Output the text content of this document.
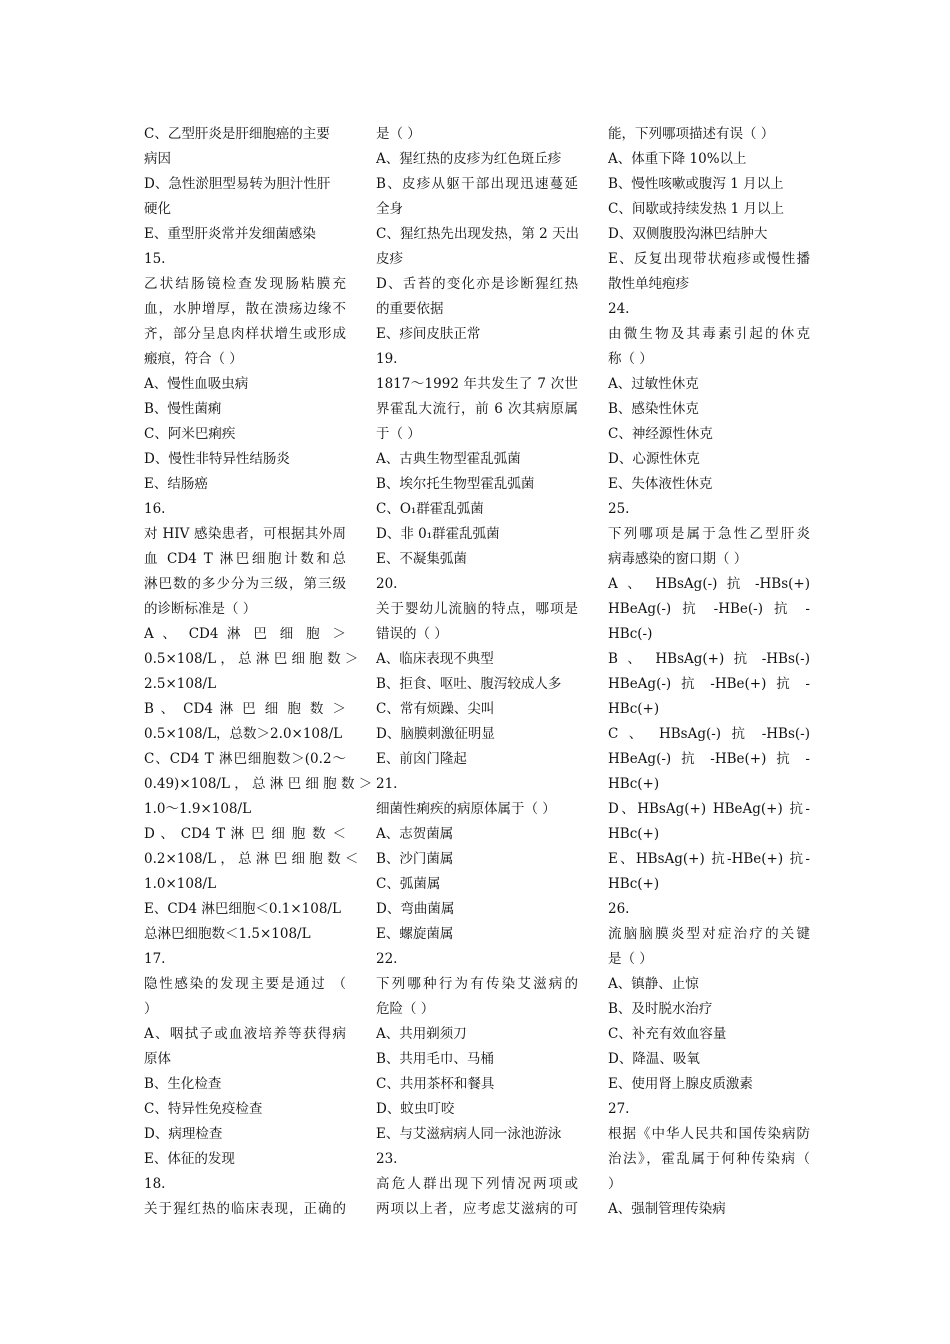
C、乙型肝炎是肝细胞癌的主要
病因
D、急性淤胆型易转为胆汁性肝
硬化
E、重型肝炎常并发细菌感染
15.
乙状结肠镜检查发现肠粘膜充
血，水肿增厚，散在溃疡边缘不
齐，部分呈息肉样状增生或形成
瘢痕，符合（ ）
A、慢性血吸虫病
B、慢性菌痢
C、阿米巴痢疾
D、慢性非特异性结肠炎
E、结肠癌
16.
对 HIV 感染患者，可根据其外周
血 CD4 T 淋巴细胞计数和总
淋巴数的多少分为三级，第三级
的诊断标准是（ ）
A 、 CD4 淋 巴 细 胞 ＞
0.5×108/L ， 总 淋 巴 细 胞 数 ＞
2.5×108/L
B 、 CD4 淋 巴 细 胞 数 ＞
0.5×108/L，总数＞2.0×108/L
C、CD4 T 淋巴细胞数＞(0.2～
0.49)×108/L ， 总 淋 巴 细 胞 数 ＞
1.0～1.9×108/L
D 、 CD4 T 淋 巴 细 胞 数 ＜
0.2×108/L ， 总 淋 巴 细 胞 数 ＜
1.0×108/L
E、CD4 淋巴细胞＜0.1×108/L
总淋巴细胞数＜1.5×108/L
17.
隐性感染的发现主要是通过 （
）
A、咽拭子或血液培养等获得病
原体
B、生化检查
C、特异性免疫检查
D、病理检查
E、体征的发现
18.
关于猩红热的临床表现，正确的
是（ ）
A、猩红热的皮疹为红色斑丘疹
B、皮疹从躯干部出现迅速蔓延
全身
C、猩红热先出现发热，第 2 天出
皮疹
D、舌苔的变化亦是诊断猩红热
的重要依据
E、疹间皮肤正常
19.
1817～1992 年共发生了 7 次世
界霍乱大流行，前 6 次其病原属
于（ ）
A、古典生物型霍乱弧菌
B、埃尔托生物型霍乱弧菌
C、O₁群霍乱弧菌
D、非 0₁群霍乱弧菌
E、不凝集弧菌
20.
关于婴幼儿流脑的特点，哪项是
错误的（ ）
A、临床表现不典型
B、拒食、呕吐、腹泻较成人多
C、常有烦躁、尖叫
D、脑膜刺激征明显
E、前囟门隆起
21.
细菌性痢疾的病原体属于（ ）
A、志贺菌属
B、沙门菌属
C、弧菌属
D、弯曲菌属
E、螺旋菌属
22.
下列哪种行为有传染艾滋病的
危险（ ）
A、共用剃须刀
B、共用毛巾、马桶
C、共用茶杯和餐具
D、蚊虫叮咬
E、与艾滋病病人同一泳池游泳
23.
高危人群出现下列情况两项或
两项以上者，应考虑艾滋病的可
能，下列哪项描述有误（ ）
A、体重下降 10%以上
B、慢性咳嗽或腹泻 1 月以上
C、间歇或持续发热 1 月以上
D、双侧腹股沟淋巴结肿大
E、反复出现带状疱疹或慢性播
散性单纯疱疹
24.
由微生物及其毒素引起的休克
称（ ）
A、过敏性休克
B、感染性休克
C、神经源性休克
D、心源性休克
E、失体液性休克
25.
下列哪项是属于急性乙型肝炎
病毒感染的窗口期（ ）
A 、 HBsAg(-) 抗 -HBs(+)
HBeAg(-) 抗 -HBe(-) 抗 -
HBc(-)
B 、 HBsAg(+) 抗 -HBs(-)
HBeAg(-) 抗 -HBe(+) 抗 -
HBc(+)
C 、 HBsAg(-) 抗 -HBs(-)
HBeAg(-) 抗 -HBe(+) 抗 -
HBc(+)
D、HBsAg(+) HBeAg(+) 抗-
HBc(+)
E、HBsAg(+) 抗-HBe(+) 抗-
HBc(+)
26.
流脑脑膜炎型对症治疗的关键
是（ ）
A、镇静、止惊
B、及时脱水治疗
C、补充有效血容量
D、降温、吸氧
E、使用肾上腺皮质激素
27.
根据《中华人民共和国传染病防
治法》，霍乱属于何种传染病（
）
A、强制管理传染病
